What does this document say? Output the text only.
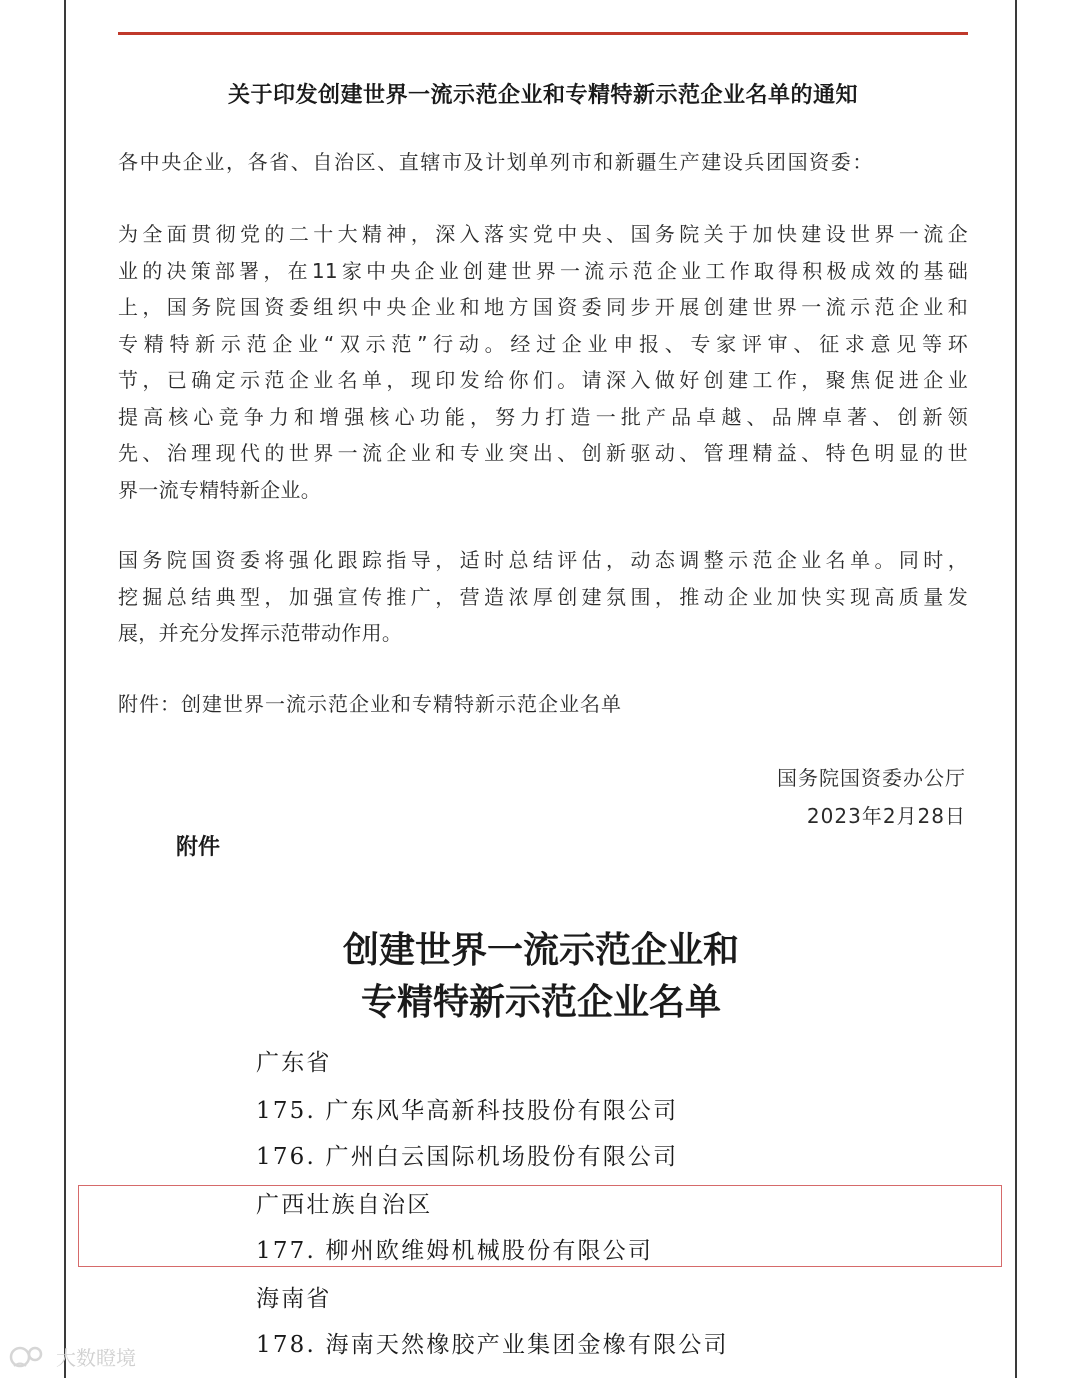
关于印发创建世界一流示范企业和专精特新示范企业名单的通知
各中央企业，各省、自治区、直辖市及计划单列市和新疆生产建设兵团国资委：

为全面贯彻党的二十大精神，深入落实党中央、国务院关于加快建设世界一流企
业的决策部署，在11家中央企业创建世界一流示范企业工作取得积极成效的基础
上，国务院国资委组织中央企业和地方国资委同步开展创建世界一流示范企业和
专精特新示范企业“双示范”行动。经过企业申报、专家评审、征求意见等环
节，已确定示范企业名单，现印发给你们。请深入做好创建工作，聚焦促进企业
提高核心竞争力和增强核心功能，努力打造一批产品卓越、品牌卓著、创新领
先、治理现代的世界一流企业和专业突出、创新驱动、管理精益、特色明显的世
界一流专精特新企业。

国务院国资委将强化跟踪指导，适时总结评估，动态调整示范企业名单。同时，
挖掘总结典型，加强宣传推广，营造浓厚创建氛围，推动企业加快实现高质量发
展，并充分发挥示范带动作用。

附件：创建世界一流示范企业和专精特新示范企业名单
国务院国资委办公厅
2023年2月28日
附件
创建世界一流示范企业和
专精特新示范企业名单
广东省
175. 广东风华高新科技股份有限公司
176. 广州白云国际机场股份有限公司
广西壮族自治区
177. 柳州欧维姆机械股份有限公司
海南省
178. 海南天然橡胶产业集团金橡有限公司
大数瞪境
